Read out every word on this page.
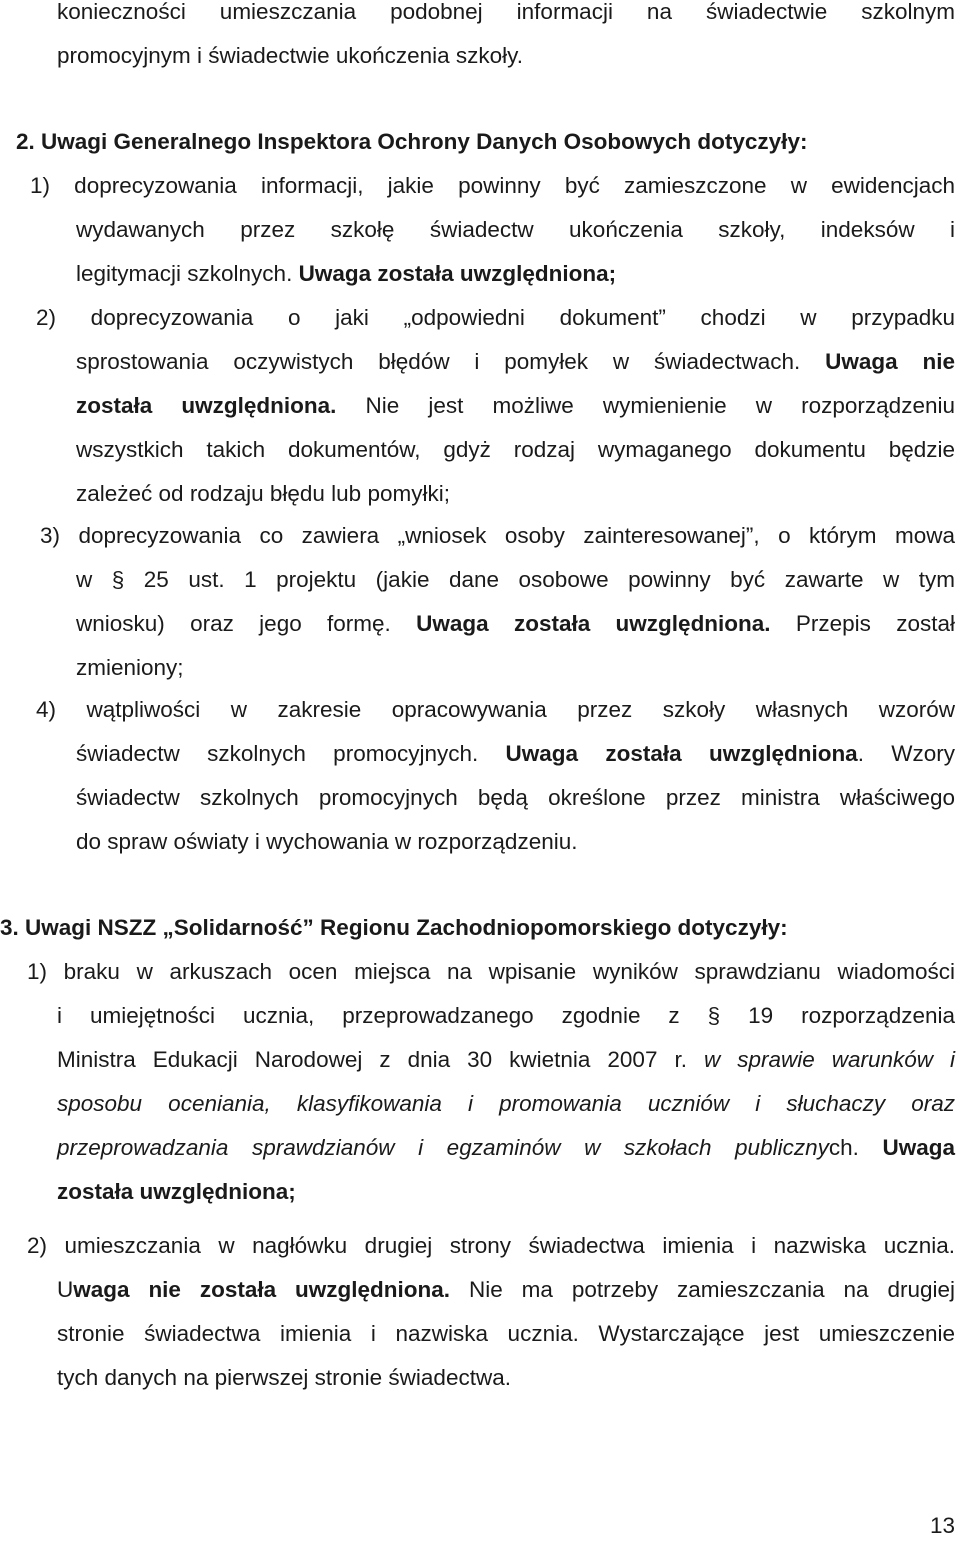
konieczności umieszczania podobnej informacji na świadectwie szkolnym
promocyjnym i świadectwie ukończenia szkoły.
2. Uwagi Generalnego Inspektora Ochrony Danych Osobowych dotyczyły:
1) doprecyzowania informacji, jakie powinny być zamieszczone w ewidencjach
wydawanych przez szkołę świadectw ukończenia szkoły, indeksów i
legitymacji szkolnych. Uwaga została uwzględniona;
2) doprecyzowania o jaki „odpowiedni dokument” chodzi w przypadku
sprostowania oczywistych błędów i pomyłek w świadectwach. Uwaga nie
została uwzględniona. Nie jest możliwe wymienienie w rozporządzeniu
wszystkich takich dokumentów, gdyż rodzaj wymaganego dokumentu będzie
zależeć od rodzaju błędu lub pomyłki;
3) doprecyzowania co zawiera „wniosek osoby zainteresowanej”, o którym mowa
w § 25 ust. 1 projektu (jakie dane osobowe powinny być zawarte w tym
wniosku) oraz jego formę. Uwaga została uwzględniona. Przepis został
zmieniony;
4) wątpliwości w zakresie opracowywania przez szkoły własnych wzorów
świadectw szkolnych promocyjnych. Uwaga została uwzględniona. Wzory
świadectw szkolnych promocyjnych będą określone przez ministra właściwego
do spraw oświaty i wychowania w rozporządzeniu.
3. Uwagi NSZZ „Solidarność” Regionu Zachodniopomorskiego dotyczyły:
1) braku w arkuszach ocen miejsca na wpisanie wyników sprawdzianu wiadomości
i umiejętności ucznia, przeprowadzanego zgodnie z § 19 rozporządzenia
Ministra Edukacji Narodowej z dnia 30 kwietnia 2007 r. w sprawie warunków i
sposobu oceniania, klasyfikowania i promowania uczniów i słuchaczy oraz
przeprowadzania sprawdzianów i egzaminów w szkołach publicznych. Uwaga
została uwzględniona;
2) umieszczania w nagłówku drugiej strony świadectwa imienia i nazwiska ucznia.
Uwaga nie została uwzględniona. Nie ma potrzeby zamieszczania na drugiej
stronie świadectwa imienia i nazwiska ucznia. Wystarczające jest umieszczenie
tych danych na pierwszej stronie świadectwa.
13
